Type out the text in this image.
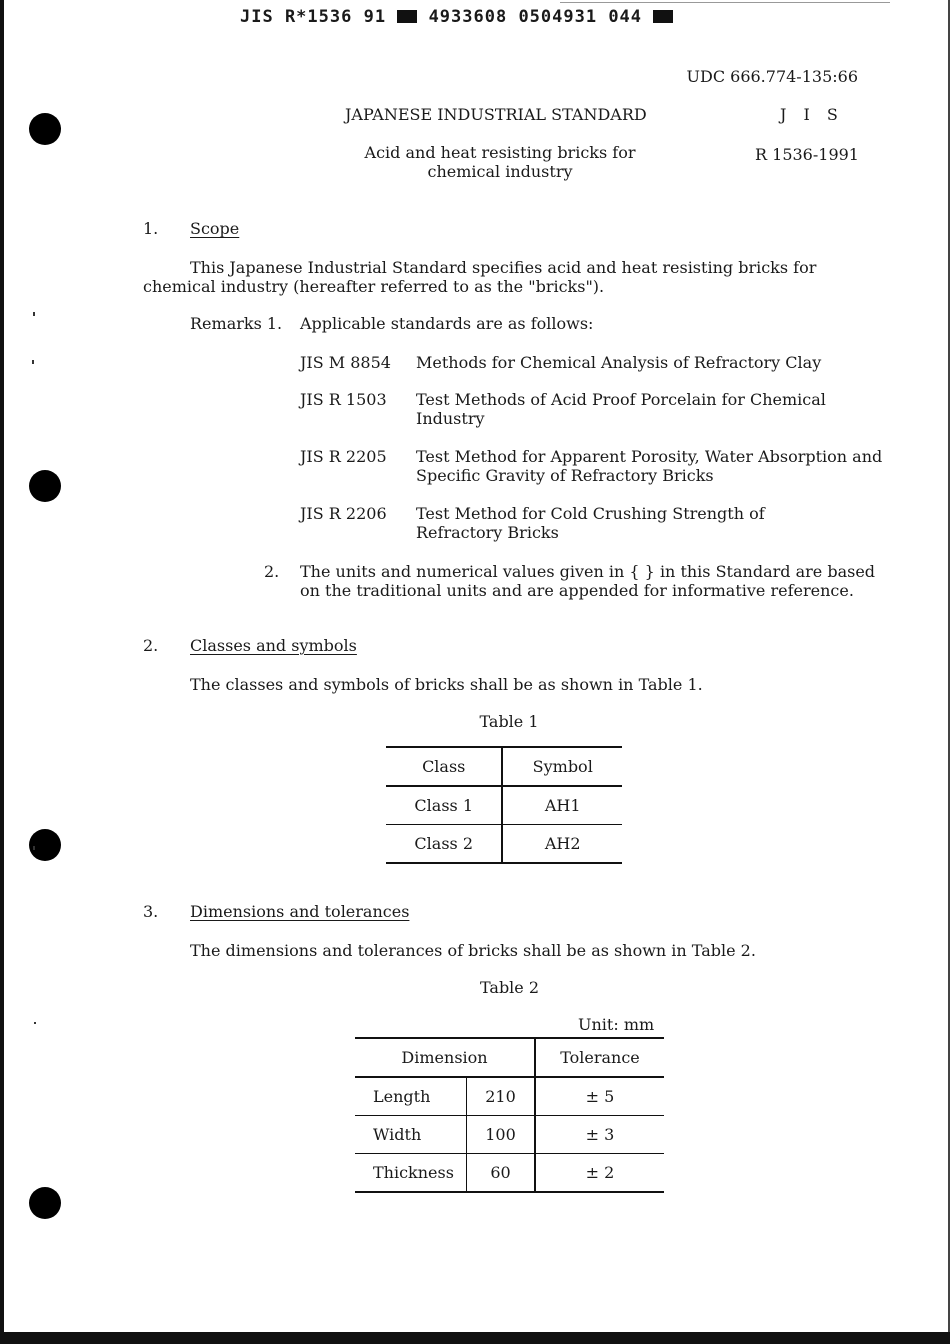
JIS R*1536 91	4933608 0504931 044
UDC 666.774-135:66
JAPANESE INDUSTRIAL STANDARD	J I S
Acid and heat resisting bricks for chemical industry
R 1536-1991
1. Scope
This Japanese Industrial Standard specifies acid and heat resisting bricks for chemical industry (hereafter referred to as the "bricks").
Remarks 1. Applicable standards are as follows:
JIS M 8854 Methods for Chemical Analysis of Refractory Clay
JIS R 1503 Test Methods of Acid Proof Porcelain for Chemical Industry
JIS R 2205 Test Method for Apparent Porosity, Water Absorption and Specific Gravity of Refractory Bricks
JIS R 2206 Test Method for Cold Crushing Strength of Refractory Bricks
2. The units and numerical values given in { } in this Standard are based on the traditional units and are appended for informative reference.
2. Classes and symbols
The classes and symbols of bricks shall be as shown in Table 1.
Table 1
Class	Symbol
Class 1	AH1
Class 2	AH2
3. Dimensions and tolerances
The dimensions and tolerances of bricks shall be as shown in Table 2.
Table 2
Unit: mm
Dimension		Tolerance
Length	210	± 5
Width	100	± 3
Thickness	60	± 2
